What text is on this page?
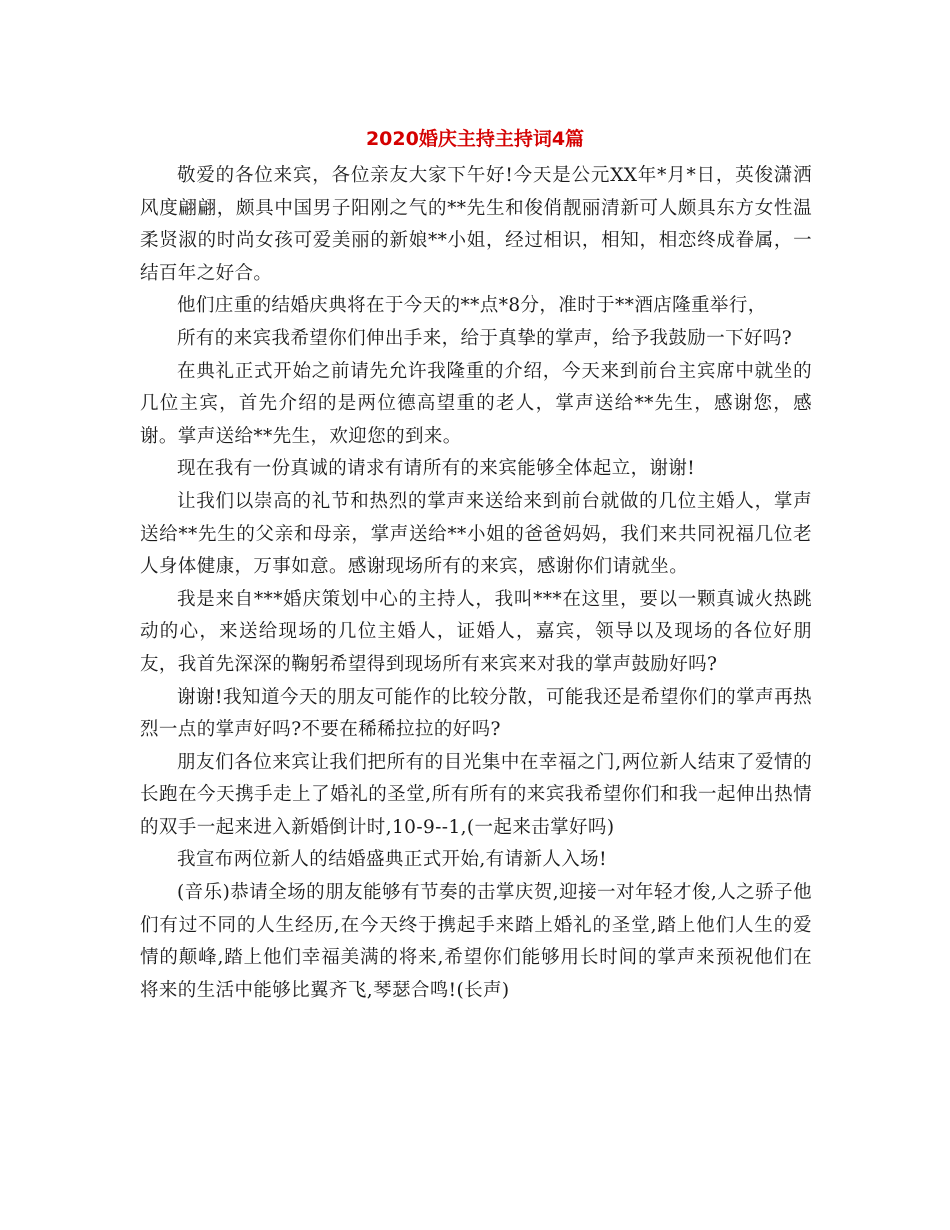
2020婚庆主持主持词4篇

敬爱的各位来宾，各位亲友大家下午好!今天是公元XX年*月*日，英俊潇洒风度翩翩，颇具中国男子阳刚之气的**先生和俊俏靓丽清新可人颇具东方女性温柔贤淑的时尚女孩可爱美丽的新娘**小姐，经过相识，相知，相恋终成眷属，一结百年之好合。

他们庄重的结婚庆典将在于今天的**点*8分，准时于**酒店隆重举行，

所有的来宾我希望你们伸出手来，给于真挚的掌声，给予我鼓励一下好吗?

在典礼正式开始之前请先允许我隆重的介绍，今天来到前台主宾席中就坐的几位主宾，首先介绍的是两位德高望重的老人，掌声送给**先生，感谢您，感谢。掌声送给**先生，欢迎您的到来。

现在我有一份真诚的请求有请所有的来宾能够全体起立，谢谢!

让我们以崇高的礼节和热烈的掌声来送给来到前台就做的几位主婚人，掌声送给**先生的父亲和母亲，掌声送给**小姐的爸爸妈妈，我们来共同祝福几位老人身体健康，万事如意。感谢现场所有的来宾，感谢你们请就坐。

我是来自***婚庆策划中心的主持人，我叫***在这里，要以一颗真诚火热跳动的心，来送给现场的几位主婚人，证婚人，嘉宾，领导以及现场的各位好朋友，我首先深深的鞠躬希望得到现场所有来宾来对我的掌声鼓励好吗?

谢谢!我知道今天的朋友可能作的比较分散，可能我还是希望你们的掌声再热烈一点的掌声好吗?不要在稀稀拉拉的好吗?

朋友们各位来宾让我们把所有的目光集中在幸福之门,两位新人结束了爱情的长跑在今天携手走上了婚礼的圣堂,所有所有的来宾我希望你们和我一起伸出热情的双手一起来进入新婚倒计时,10-9--1,(一起来击掌好吗)

我宣布两位新人的结婚盛典正式开始,有请新人入场!

(音乐)恭请全场的朋友能够有节奏的击掌庆贺,迎接一对年轻才俊,人之骄子他们有过不同的人生经历,在今天终于携起手来踏上婚礼的圣堂,踏上他们人生的爱情的颠峰,踏上他们幸福美满的将来,希望你们能够用长时间的掌声来预祝他们在将来的生活中能够比翼齐飞,琴瑟合鸣!(长声)
